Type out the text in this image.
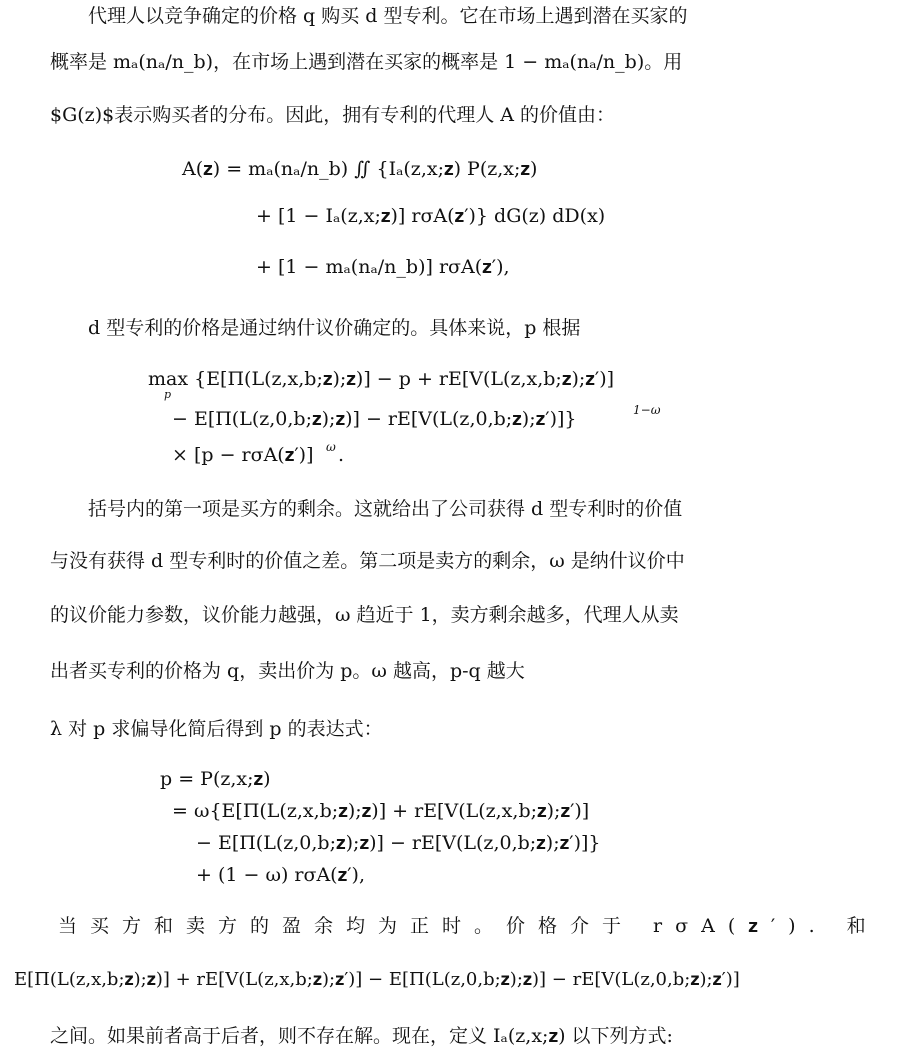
代理人以竞争确定的价格 q 购买 d 型专利。它在市场上遇到潜在买家的
概率是 mₐ(nₐ/n_b)，在市场上遇到潜在买家的概率是 1 − mₐ(nₐ/n_b)。用
$G(z)$表示购买者的分布。因此，拥有专利的代理人 A 的价值由：
A(𝐳) = mₐ(nₐ/n_b) ∬ {Iₐ(z,x;𝐳) P(z,x;𝐳)
+ [1 − Iₐ(z,x;𝐳)] rσA(𝐳′)} dG(z) dD(x)
+ [1 − mₐ(nₐ/n_b)] rσA(𝐳′),
d 型专利的价格是通过纳什议价确定的。具体来说，p 根据
max {E[Π(L(z,x,b;𝐳);𝐳)] − p + rE[V(L(z,x,b;𝐳);𝐳′)]
p
− E[Π(L(z,0,b;𝐳);𝐳)] − rE[V(L(z,0,b;𝐳);𝐳′)]}	1−ω
× [p − rσA(𝐳′)] ω .
括号内的第一项是买方的剩余。这就给出了公司获得 d 型专利时的价值
与没有获得 d 型专利时的价值之差。第二项是卖方的剩余，ω 是纳什议价中
的议价能力参数，议价能力越强，ω 趋近于 1，卖方剩余越多，代理人从卖
出者买专利的价格为 q，卖出价为 p。ω 越高，p-q 越大
λ 对 p 求偏导化简后得到 p 的表达式：
p = P(z,x;𝐳)
= ω{E[Π(L(z,x,b;𝐳);𝐳)] + rE[V(L(z,x,b;𝐳);𝐳′)]
− E[Π(L(z,0,b;𝐳);𝐳)] − rE[V(L(z,0,b;𝐳);𝐳′)]}
+ (1 − ω) rσA(𝐳′),
当买方和卖方的盈余均为正时。价格介于 rσA(𝐳′). 和
E[Π(L(z,x,b;𝐳);𝐳)] + rE[V(L(z,x,b;𝐳);𝐳′)] − E[Π(L(z,0,b;𝐳);𝐳)] − rE[V(L(z,0,b;𝐳);𝐳′)]
之间。如果前者高于后者，则不存在解。现在，定义 Iₐ(z,x;𝐳) 以下列方式:
